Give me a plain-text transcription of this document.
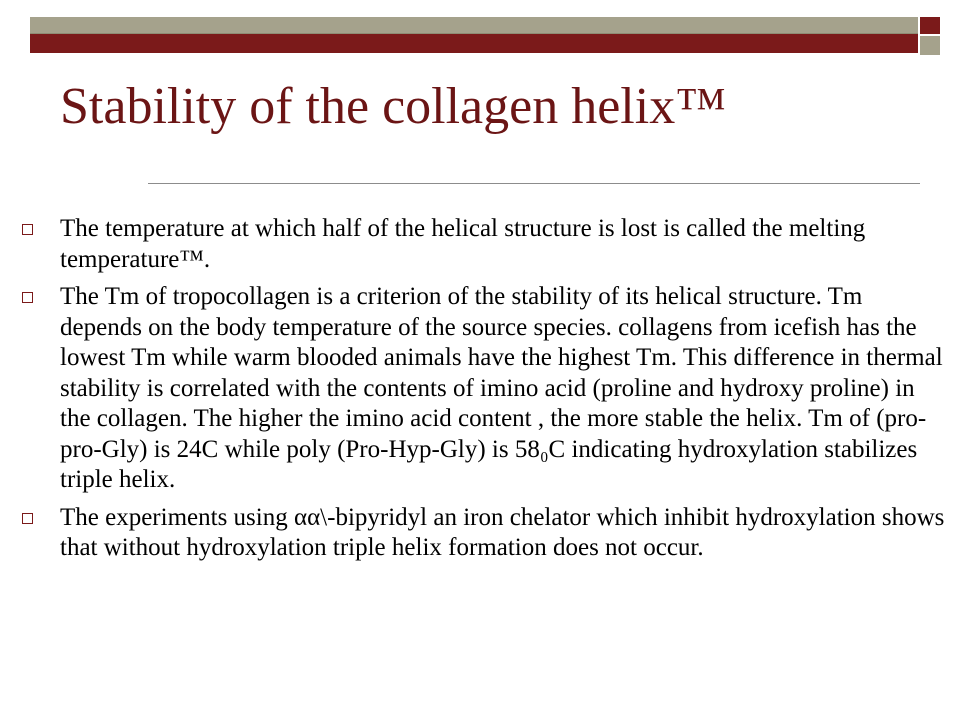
Stability of the collagen helix™
The temperature at which half of the helical structure is lost is called the melting temperature™.
The Tm of tropocollagen is a criterion of the stability of its helical structure. Tm depends on the body temperature of the source species. collagens from icefish has the lowest Tm while warm blooded animals have the highest Tm. This difference in thermal stability is correlated with the contents of imino acid (proline and hydroxy proline) in the collagen. The higher the imino acid content , the more stable the helix. Tm of (pro-pro-Gly) is 24C while poly (Pro-Hyp-Gly) is 58₀C indicating hydroxylation stabilizes triple helix.
The experiments using αα\-bipyridyl an iron chelator which inhibit hydroxylation shows that without hydroxylation triple helix formation does not occur.
